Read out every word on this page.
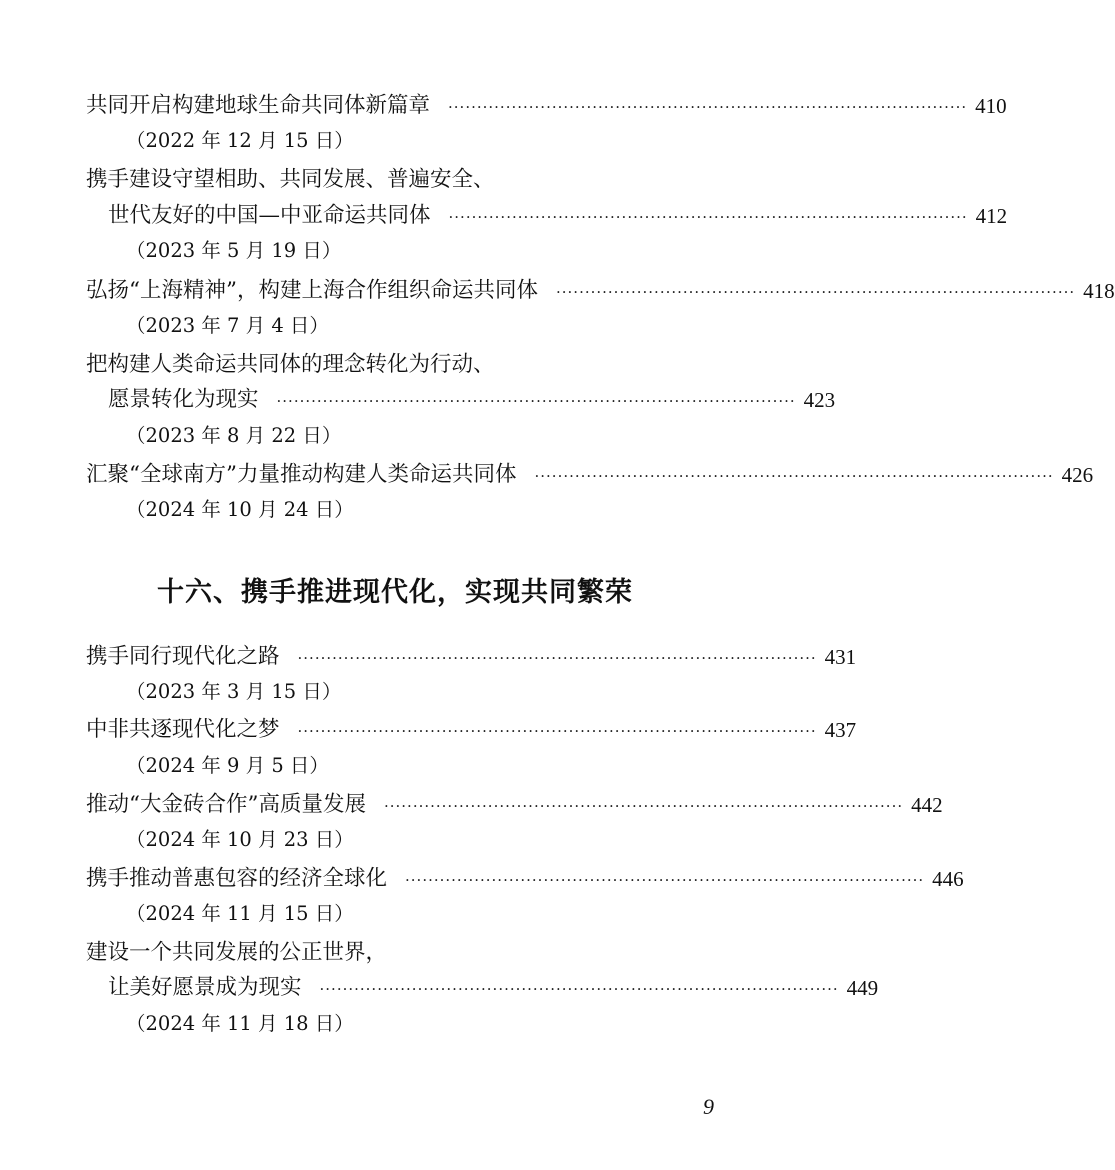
共同开启构建地球生命共同体新篇章 ·························································································· 410
（2022 年 12 月 15 日）
携手建设守望相助、共同发展、普遍安全、
世代友好的中国—中亚命运共同体 ·························································································· 412
（2023 年 5 月 19 日）
弘扬“上海精神”，构建上海合作组织命运共同体 ·························································································· 418
（2023 年 7 月 4 日）
把构建人类命运共同体的理念转化为行动、
愿景转化为现实 ·························································································· 423
（2023 年 8 月 22 日）
汇聚“全球南方”力量推动构建人类命运共同体 ·························································································· 426
（2024 年 10 月 24 日）
十六、携手推进现代化，实现共同繁荣
携手同行现代化之路 ·························································································· 431
（2023 年 3 月 15 日）
中非共逐现代化之梦 ·························································································· 437
（2024 年 9 月 5 日）
推动“大金砖合作”高质量发展 ·························································································· 442
（2024 年 10 月 23 日）
携手推动普惠包容的经济全球化 ·························································································· 446
（2024 年 11 月 15 日）
建设一个共同发展的公正世界，
让美好愿景成为现实 ·························································································· 449
（2024 年 11 月 18 日）
9
